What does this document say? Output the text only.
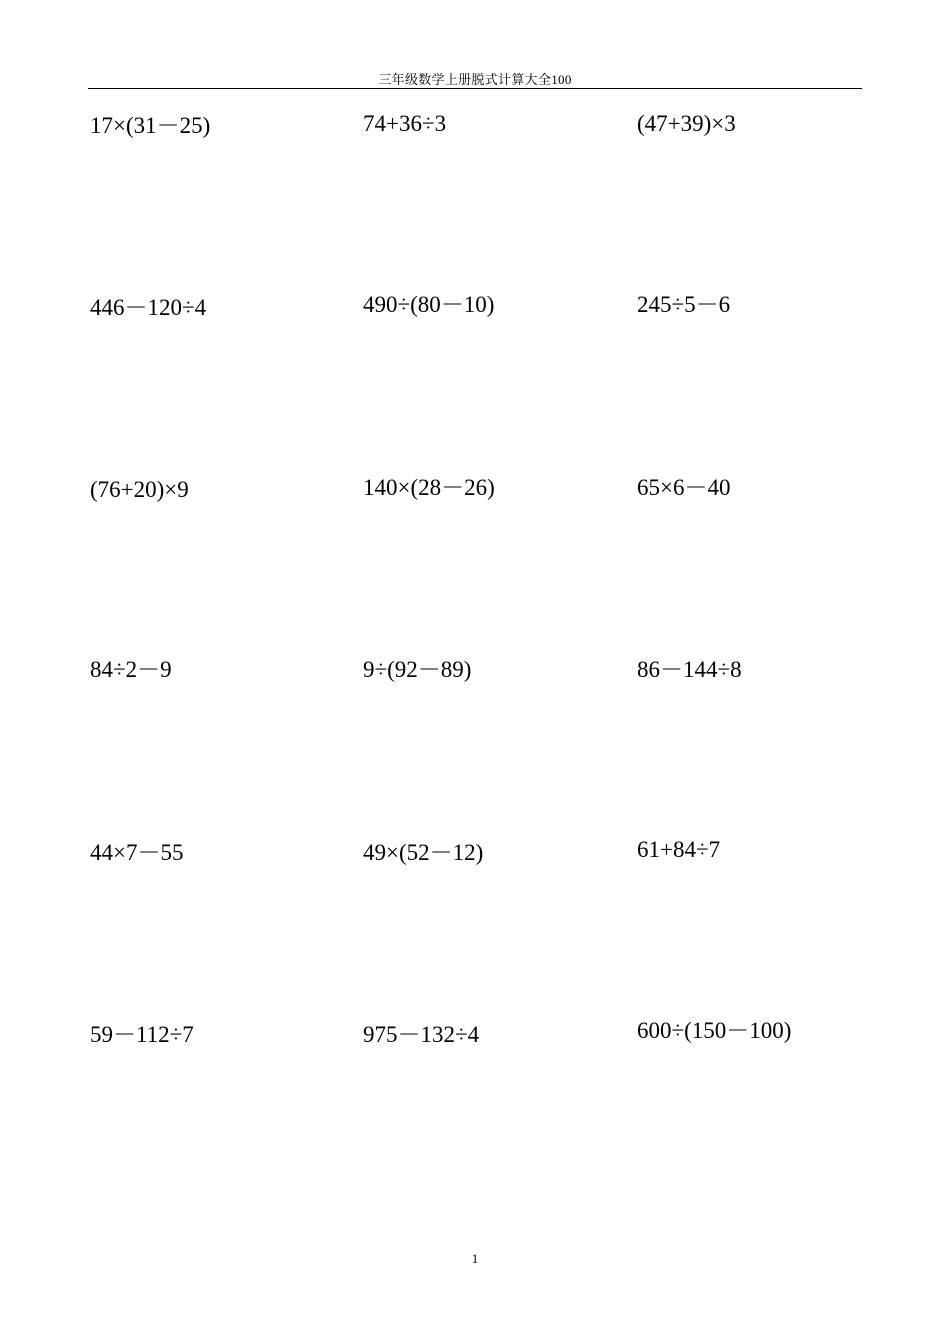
三年级数学上册脱式计算大全100
17×(31－25)	74+36÷3	(47+39)×3
446－120÷4	490÷(80－10)	245÷5－6
(76+20)×9	140×(28－26)	65×6－40
84÷2－9	9÷(92－89)	86－144÷8
44×7－55	49×(52－12)	61+84÷7
59－112÷7	975－132÷4	600÷(150－100)
1
